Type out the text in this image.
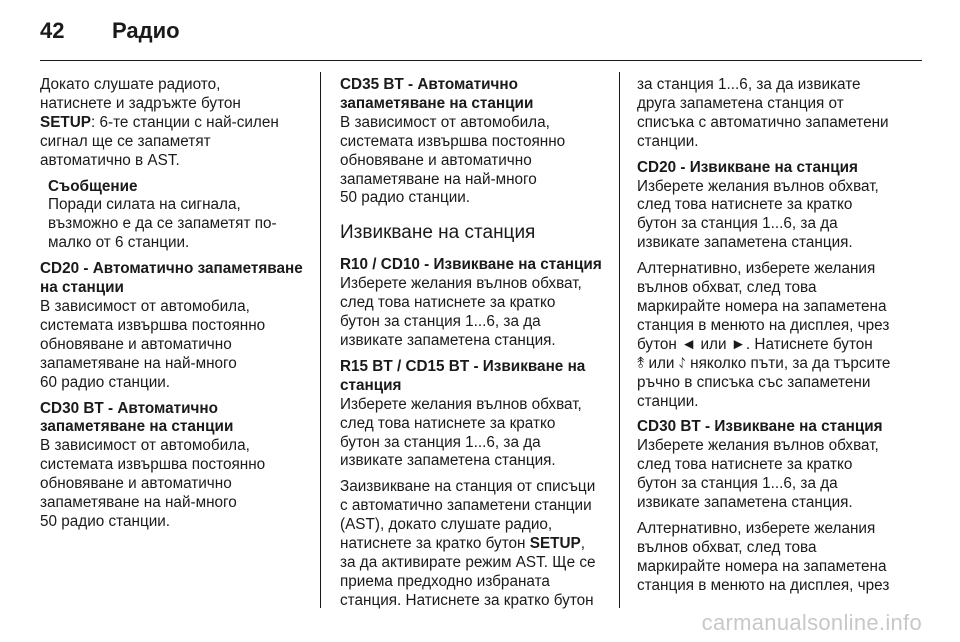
42	Радио
Докато слушате радиото,
натиснете и задръжте бутон
SETUP: 6-те станции с най-силен
сигнал ще се запаметят
автоматично в AST.
Съобщение
Поради силата на сигнала,
възможно е да се запаметят по-
малко от 6 станции.
CD20 - Автоматично запаметяване
на станции
В зависимост от автомобила,
системата извършва постоянно
обновяване и автоматично
запаметяване на най-много
60 радио станции.
CD30 BT - Автоматично
запаметяване на станции
В зависимост от автомобила,
системата извършва постоянно
обновяване и автоматично
запаметяване на най-много
50 радио станции.
CD35 BT - Автоматично
запаметяване на станции
В зависимост от автомобила,
системата извършва постоянно
обновяване и автоматично
запаметяване на най-много
50 радио станции.
Извикване на станция
R10 / CD10 - Извикване на станция
Изберете желания вълнов обхват,
след това натиснете за кратко
бутон за станция 1...6, за да
извикате запаметена станция.
R15 BT / CD15 BT - Извикване на
станция
Изберете желания вълнов обхват,
след това натиснете за кратко
бутон за станция 1...6, за да
извикате запаметена станция.
Заизвикване на станция от списъци
с автоматично запаметени станции
(AST), докато слушате радио,
натиснете за кратко бутон SETUP,
за да активирате режим AST. Ще се
приема предходно избраната
станция. Натиснете за кратко бутон
за станция 1...6, за да извикате
друга запаметена станция от
списъка с автоматично запаметени
станции.
CD20 - Извикване на станция
Изберете желания вълнов обхват,
след това натиснете за кратко
бутон за станция 1...6, за да
извикате запаметена станция.
Алтернативно, изберете желания
вълнов обхват, след това
маркирайте номера на запаметена
станция в менюто на дисплея, чрез
бутон ◄ или ►. Натиснете бутон
⥉ или ⥌ няколко пъти, за да търсите
ръчно в списъка със запаметени
станции.
CD30 BT - Извикване на станция
Изберете желания вълнов обхват,
след това натиснете за кратко
бутон за станция 1...6, за да
извикате запаметена станция.
Алтернативно, изберете желания
вълнов обхват, след това
маркирайте номера на запаметена
станция в менюто на дисплея, чрез
carmanualsonline.info
